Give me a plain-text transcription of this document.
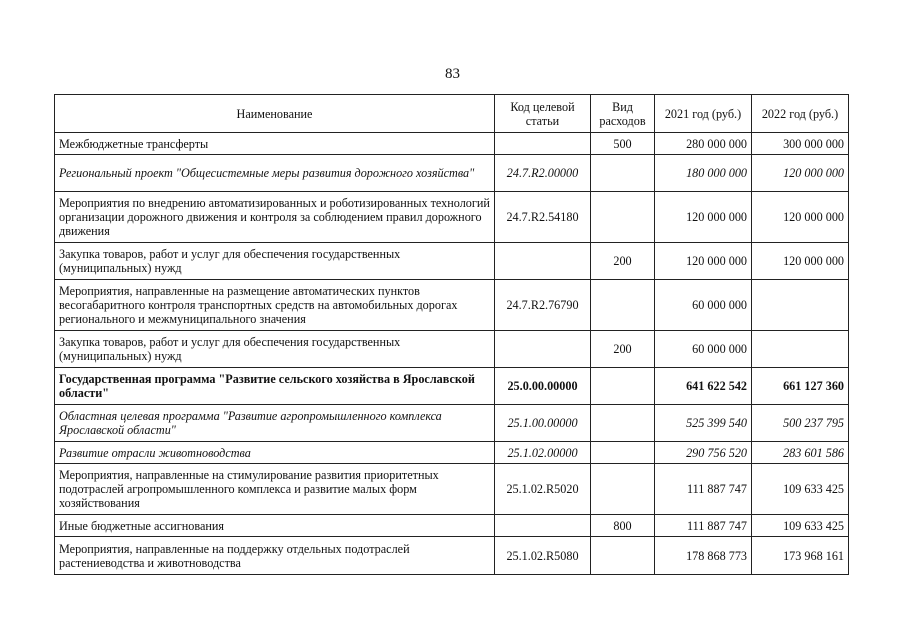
83
Наименование	Код целевой статьи	Вид расходов	2021 год (руб.)	2022 год (руб.)
Межбюджетные трансферты		500	280 000 000	300 000 000
Региональный проект "Общесистемные меры развития дорожного хозяйства"	24.7.R2.00000		180 000 000	120 000 000
Мероприятия по внедрению автоматизированных и роботизированных технологий организации дорожного движения и контроля за соблюдением правил дорожного движения	24.7.R2.54180		120 000 000	120 000 000
Закупка товаров, работ и услуг для обеспечения государственных (муниципальных) нужд		200	120 000 000	120 000 000
Мероприятия, направленные на размещение автоматических пунктов весогабаритного контроля транспортных средств на автомобильных дорогах регионального и межмуниципального значения	24.7.R2.76790		60 000 000	
Закупка товаров, работ и услуг для обеспечения государственных (муниципальных) нужд		200	60 000 000	
Государственная программа "Развитие сельского хозяйства в Ярославской области"	25.0.00.00000		641 622 542	661 127 360
Областная целевая программа "Развитие агропромышленного комплекса Ярославской области"	25.1.00.00000		525 399 540	500 237 795
Развитие отрасли животноводства	25.1.02.00000		290 756 520	283 601 586
Мероприятия, направленные на стимулирование развития приоритетных подотраслей агропромышленного комплекса и развитие малых форм хозяйствования	25.1.02.R5020		111 887 747	109 633 425
Иные бюджетные ассигнования		800	111 887 747	109 633 425
Мероприятия, направленные на поддержку отдельных подотраслей растениеводства и животноводства	25.1.02.R5080		178 868 773	173 968 161
